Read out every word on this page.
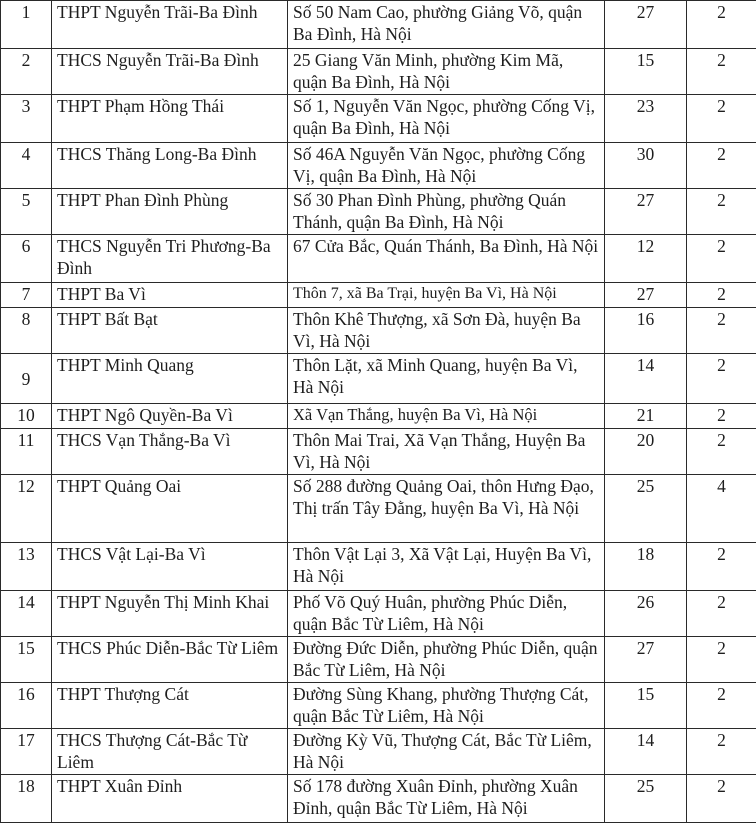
1	THPT Nguyễn Trãi-Ba Đình	Số 50 Nam Cao, phường Giảng Võ, quận Ba Đình, Hà Nội	27	2
2	THCS Nguyễn Trãi-Ba Đình	25 Giang Văn Minh, phường Kim Mã, quận Ba Đình, Hà Nội	15	2
3	THPT Phạm Hồng Thái	Số 1, Nguyễn Văn Ngọc, phường Cống Vị, quận Ba Đình, Hà Nội	23	2
4	THCS Thăng Long-Ba Đình	Số 46A Nguyễn Văn Ngọc, phường Cống Vị, quận Ba Đình, Hà Nội	30	2
5	THPT Phan Đình Phùng	Số 30 Phan Đình Phùng, phường Quán Thánh, quận Ba Đình, Hà Nội	27	2
6	THCS Nguyễn Tri Phương-Ba Đình	67 Cửa Bắc, Quán Thánh, Ba Đình, Hà Nội	12	2
7	THPT Ba Vì	Thôn 7, xã Ba Trại, huyện Ba Vì, Hà Nội	27	2
8	THPT Bất Bạt	Thôn Khê Thượng, xã Sơn Đà, huyện Ba Vì, Hà Nội	16	2
9	THPT Minh Quang	Thôn Lặt, xã Minh Quang, huyện Ba Vì, Hà Nội	14	2
10	THPT Ngô Quyền-Ba Vì	Xã Vạn Thắng, huyện Ba Vì, Hà Nội	21	2
11	THCS Vạn Thắng-Ba Vì	Thôn Mai Trai, Xã Vạn Thắng, Huyện Ba Vì, Hà Nội	20	2
12	THPT Quảng Oai	Số 288 đường Quảng Oai, thôn Hưng Đạo, Thị trấn Tây Đằng, huyện Ba Vì, Hà Nội	25	4
13	THCS Vật Lại-Ba Vì	Thôn Vật Lại 3, Xã Vật Lại, Huyện Ba Vì, Hà Nội	18	2
14	THPT Nguyễn Thị Minh Khai	Phố Võ Quý Huân, phường Phúc Diễn, quận Bắc Từ Liêm, Hà Nội	26	2
15	THCS Phúc Diễn-Bắc Từ Liêm	Đường Đức Diễn, phường Phúc Diễn, quận Bắc Từ Liêm, Hà Nội	27	2
16	THPT Thượng Cát	Đường Sùng Khang, phường Thượng Cát, quận Bắc Từ Liêm, Hà Nội	15	2
17	THCS Thượng Cát-Bắc Từ Liêm	Đường Kỳ Vũ, Thượng Cát, Bắc Từ Liêm, Hà Nội	14	2
18	THPT Xuân Đỉnh	Số 178 đường Xuân Đỉnh, phường Xuân Đỉnh, quận Bắc Từ Liêm, Hà Nội	25	2
